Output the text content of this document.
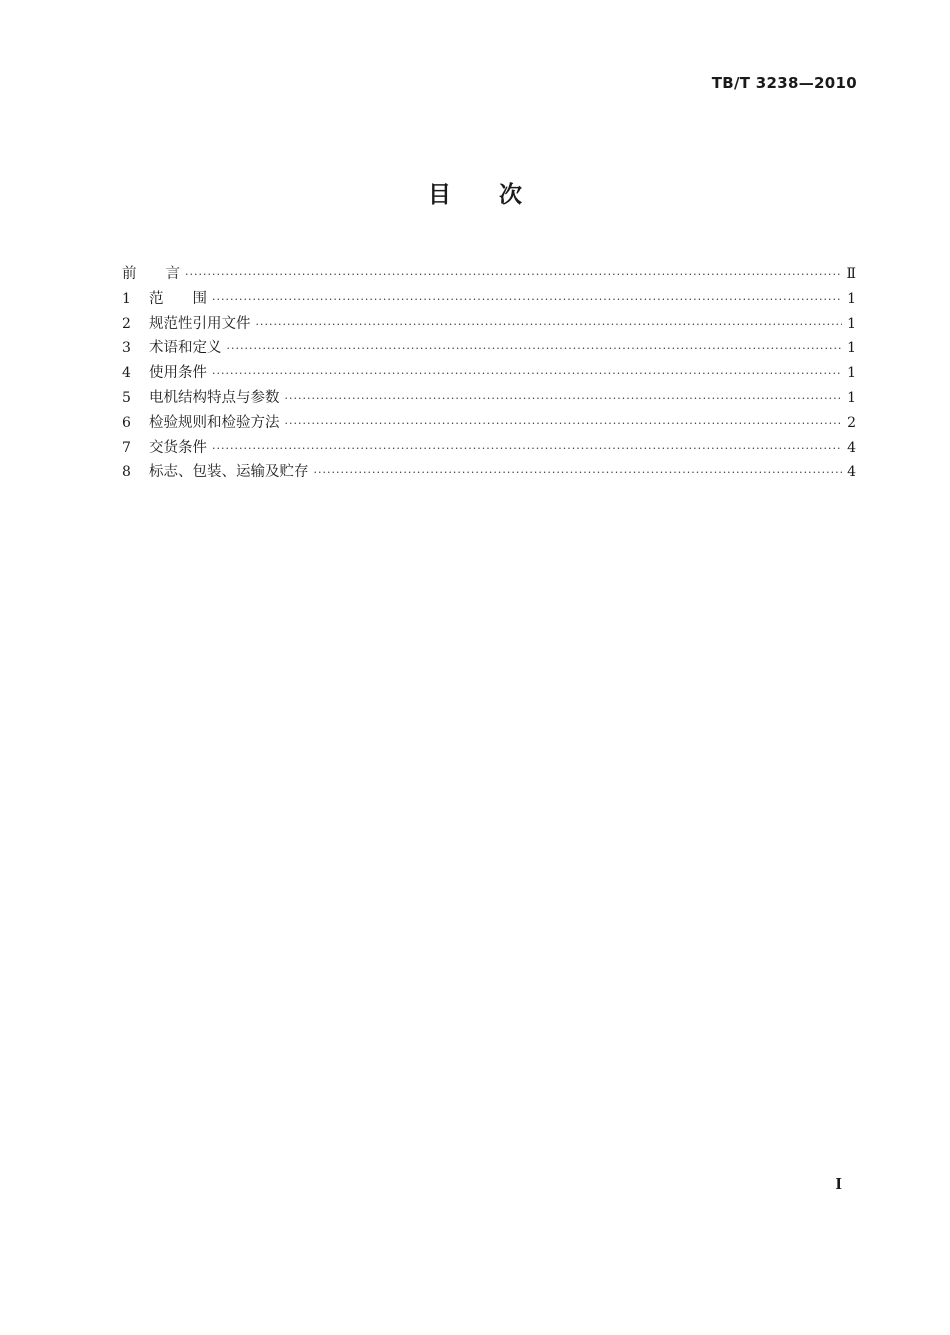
TB/T 3238—2010
目 次
前　　言 ·····	Ⅱ
1	范　　围 ·····	1
2	规范性引用文件 ·····	1
3	术语和定义 ·····	1
4	使用条件 ·····	1
5	电机结构特点与参数 ·····	1
6	检验规则和检验方法 ·····	2
7	交货条件 ·····	4
8	标志、包装、运输及贮存 ·····	4
I
